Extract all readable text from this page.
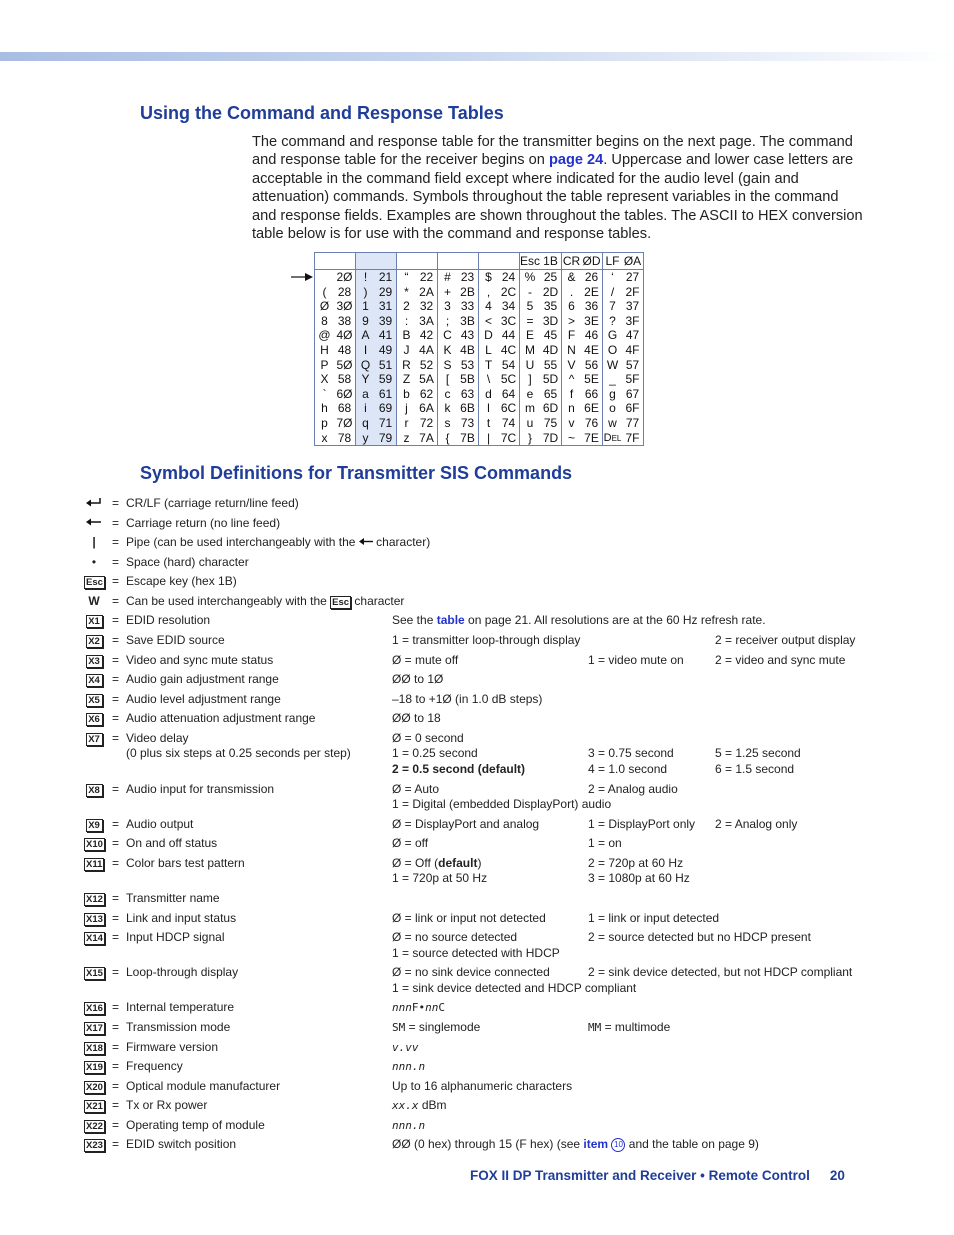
Using the Command and Response Tables

The command and response table for the transmitter begins on the next page. The command and response table for the receiver begins on page 24. Uppercase and lower case letters are acceptable in the command field except where indicated for the audio level (gain and attenuation) commands. Symbols throughout the table represent variables in the command and response fields. Examples are shown throughout the tables. The ASCII to HEX conversion table below is for use with the command and response tables.

										Esc	1B	CR	ØD	LF	ØA
	2Ø	!	21	“	22	#	23	$	24	%	25	&	26	‘	27
(	28	)	29	*	2A	+	2B	,	2C	-	2D	.	2E	/	2F
Ø	3Ø	1	31	2	32	3	33	4	34	5	35	6	36	7	37
8	38	9	39	:	3A	;	3B	<	3C	=	3D	>	3E	?	3F
@	4Ø	A	41	B	42	C	43	D	44	E	45	F	46	G	47
H	48	I	49	J	4A	K	4B	L	4C	M	4D	N	4E	O	4F
P	5Ø	Q	51	R	52	S	53	T	54	U	55	V	56	W	57
X	58	Y	59	Z	5A	[	5B	\	5C	]	5D	^	5E	_	5F
`	6Ø	a	61	b	62	c	63	d	64	e	65	f	66	g	67
h	68	i	69	j	6A	k	6B	l	6C	m	6D	n	6E	o	6F
p	7Ø	q	71	r	72	s	73	t	74	u	75	v	76	w	77
x	78	y	79	z	7A	{	7B	|	7C	}	7D	~	7E	Del	7F
Symbol Definitions for Transmitter SIS Commands
= CR/LF (carriage return/line feed)
= Carriage return (no line feed)
|	= Pipe (can be used interchangeably with the character)
•	= Space (hard) character
Esc = Escape key (hex 1B)
W	= Can be used interchangeably with the Esc character
X1	= EDID resolution	See the table on page 21. All resolutions are at the 60 Hz refresh rate.
X2	= Save EDID source	1 = transmitter loop-through display	2 = receiver output display
X3	= Video and sync mute status	Ø = mute off	1 = video mute on	2 = video and sync mute
X4	= Audio gain adjustment range	ØØ to 1Ø
X5	= Audio level adjustment range	–18 to +1Ø (in 1.0 dB steps)
X6	= Audio attenuation adjustment range	ØØ to 18
X7	= Video delay	Ø = 0 second
(0 plus six steps at 0.25 seconds per step)	1 = 0.25 second	3 = 0.75 second	5 = 1.25 second
2 = 0.5 second (default)	4 = 1.0 second	6 = 1.5 second
X8	= Audio input for transmission	Ø = Auto	2 = Analog audio
1 = Digital (embedded DisplayPort) audio
X9	= Audio output	Ø = DisplayPort and analog	1 = DisplayPort only 2 = Analog only
X10 = On and off status	Ø = off	1 = on
X11 = Color bars test pattern	Ø = Off (default)	2 = 720p at 60 Hz
1 = 720p at 50 Hz	3 = 1080p at 60 Hz
X12 = Transmitter name
X13 = Link and input status	Ø = link or input not detected	1 = link or input detected
X14 = Input HDCP signal	Ø = no source detected	2 = source detected but no HDCP present
1 = source detected with HDCP
X15 = Loop-through display	Ø = no sink device connected	2 = sink device detected, but not HDCP compliant
1 = sink device detected and HDCP compliant
X16 = Internal temperature	nnnF•nnC
X17 = Transmission mode	SM = singlemode	MM = multimode
X18 = Firmware version	v.vv
X19 = Frequency	nnn.n
X20 = Optical module manufacturer	Up to 16 alphanumeric characters
X21 = Tx or Rx power	xx.x dBm
X22 = Operating temp of module	nnn.n
X23 = EDID switch position	ØØ (0 hex) through 15 (F hex) (see item 10 and the table on page 9)
FOX II DP Transmitter and Receiver • Remote Control 20
